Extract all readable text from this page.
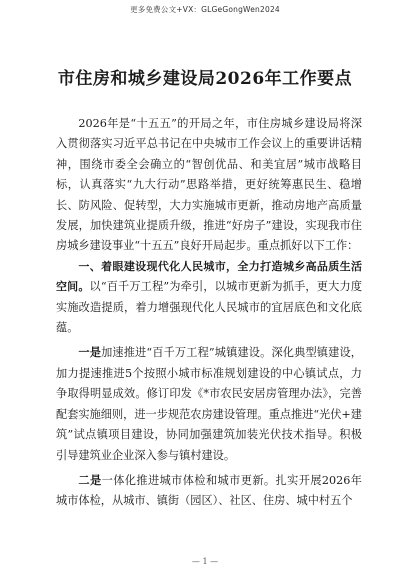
更多免费公文+VX：GLGeGongWen2024
市住房和城乡建设局2026年工作要点

2026年是“十五五”的开局之年，市住房城乡建设局将深入贯彻落实习近平总书记在中央城市工作会议上的重要讲话精神，围绕市委全会确立的“智创优品、和美宜居”城市战略目标，认真落实“九大行动”思路举措，更好统筹惠民生、稳增长、防风险、促转型，大力实施城市更新，推动房地产高质量发展，加快建筑业提质升级，推进“好房子”建设，实现我市住房城乡建设事业“十五五”良好开局起步。重点抓好以下工作：

一、着眼建设现代化人民城市，全力打造城乡高品质生活空间。以“百千万工程”为牵引，以城市更新为抓手，更大力度实施改造提质，着力增强现代化人民城市的宜居底色和文化底蕴。

一是加速推进“百千万工程”城镇建设。深化典型镇建设，加力提速推进5个按照小城市标准规划建设的中心镇试点，力争取得明显成效。修订印发《*市农民安居房管理办法》，完善配套实施细则，进一步规范农房建设管理。重点推进“光伏+建筑”试点镇项目建设，协同加强建筑加装光伏技术指导。积极引导建筑业企业深入参与镇村建设。

二是一体化推进城市体检和城市更新。扎实开展2026年城市体检，从城市、镇街（园区）、社区、住房、城中村五个

— 1 —
